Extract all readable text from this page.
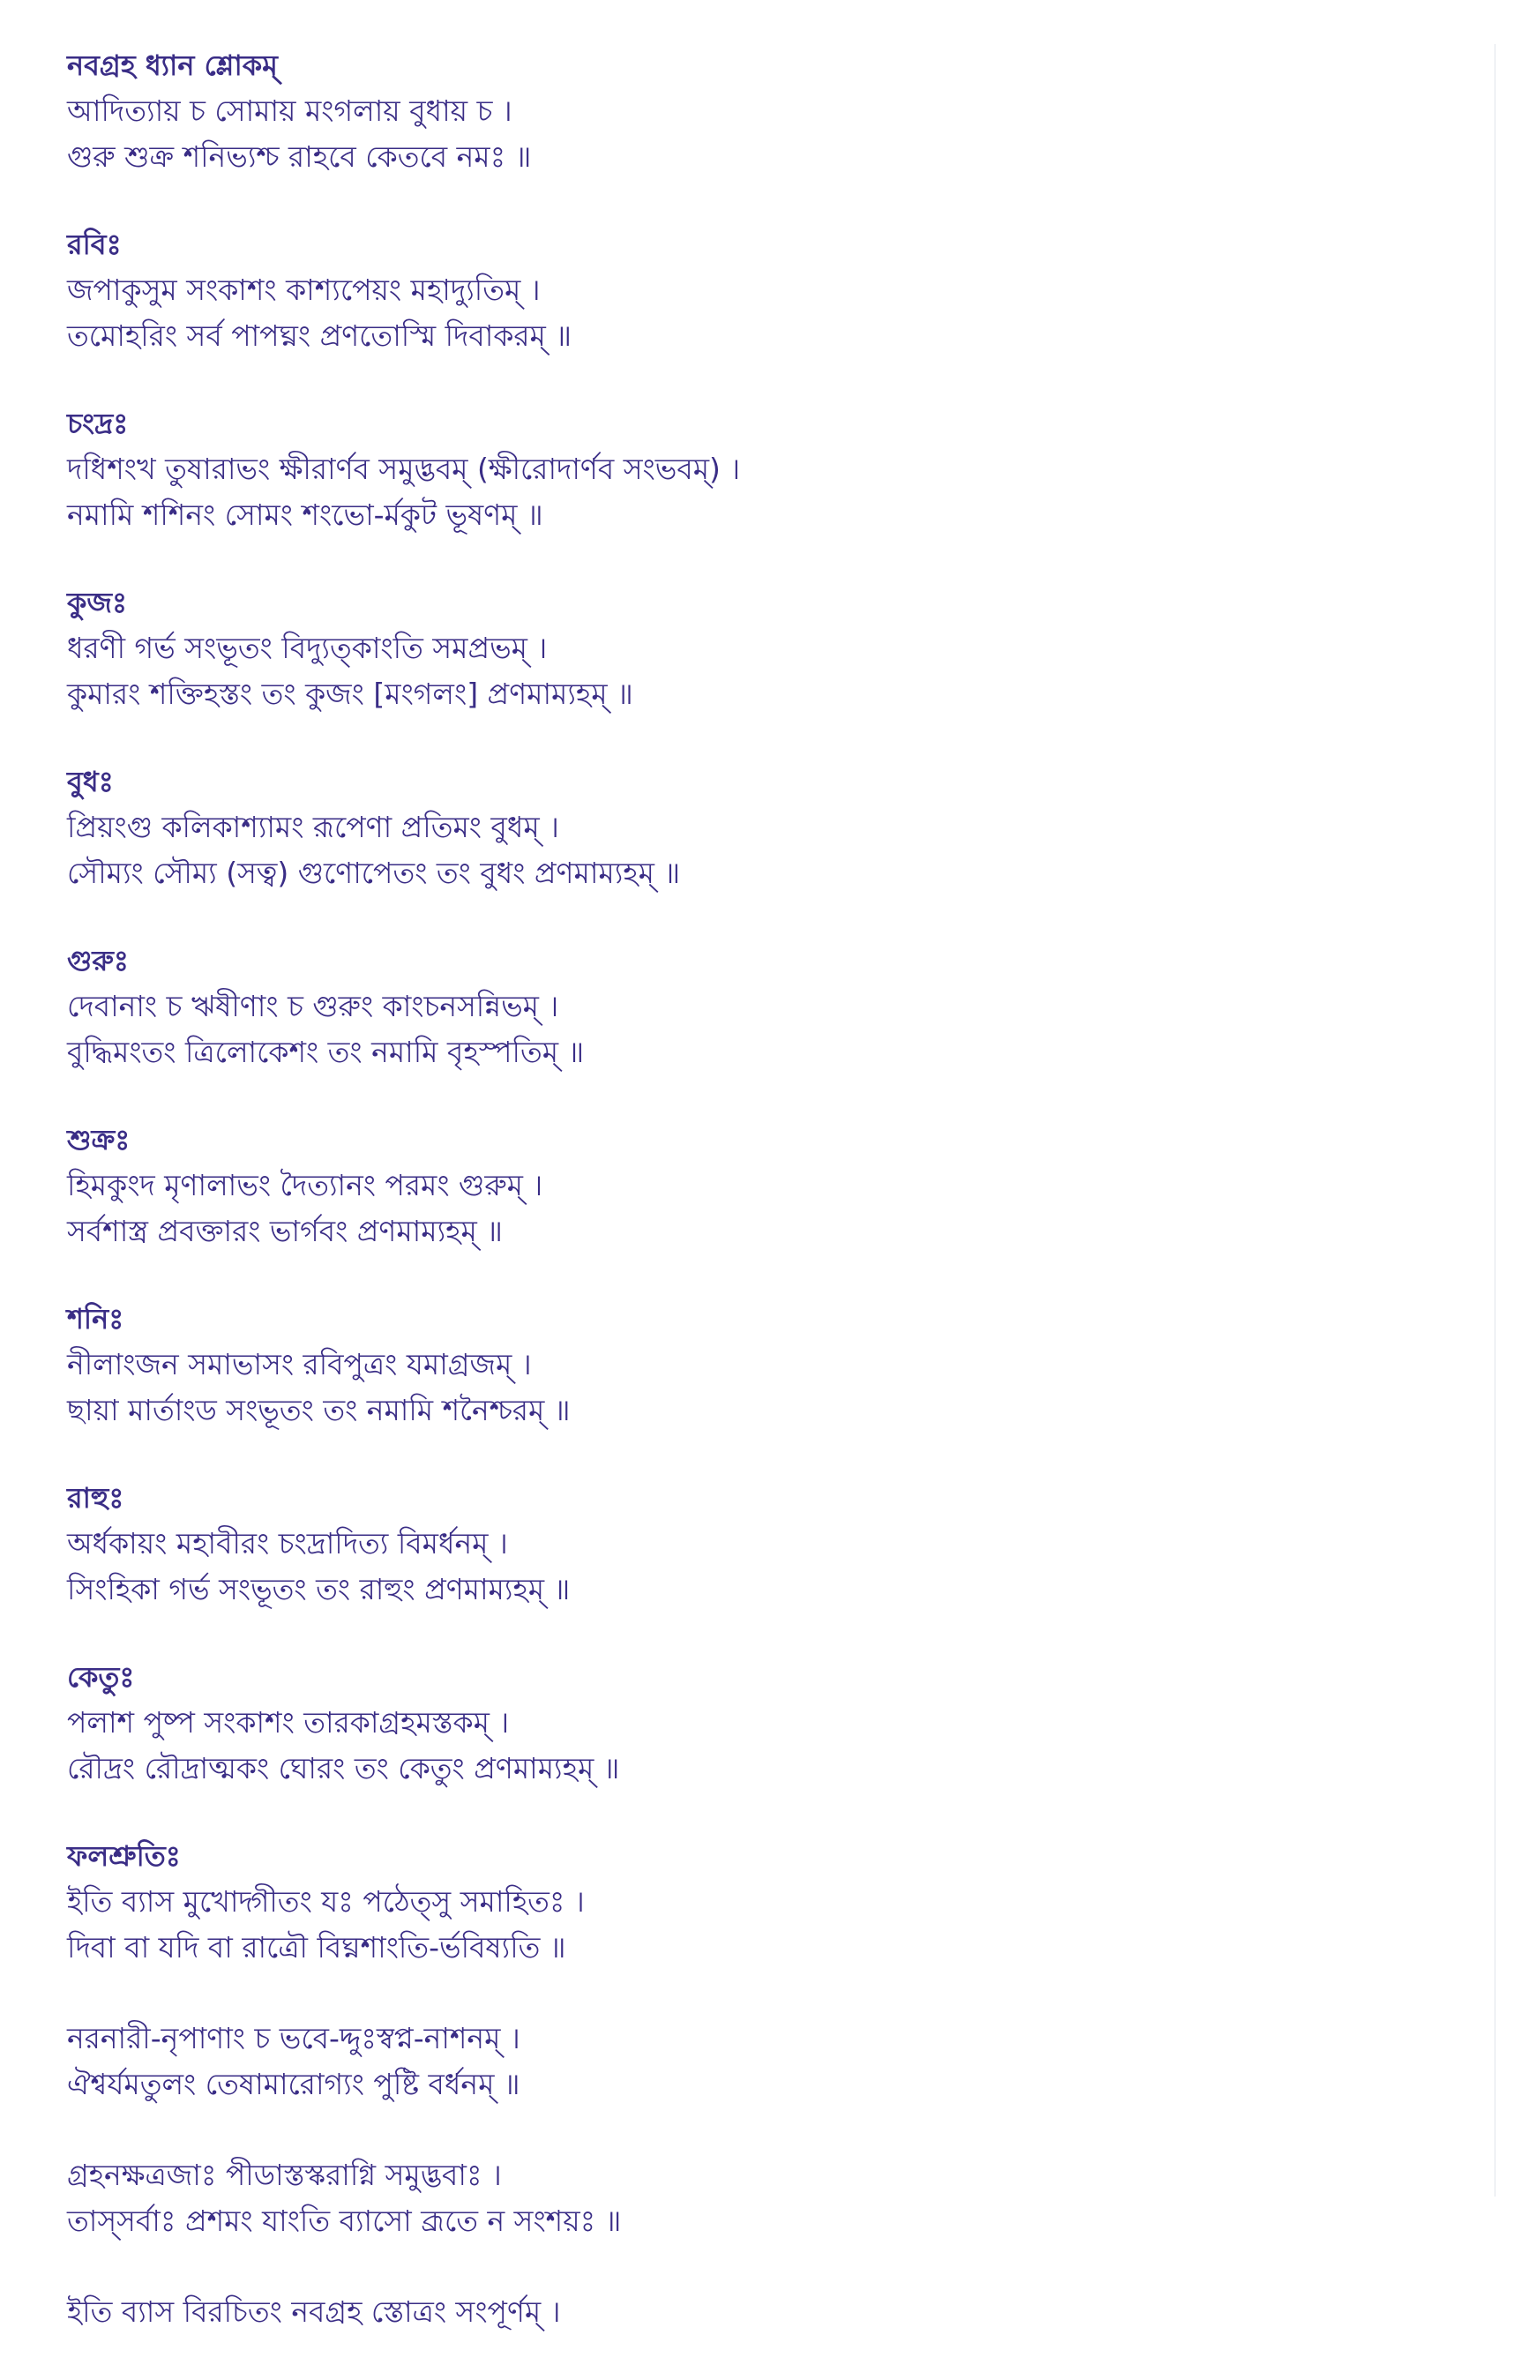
নবগ্রহ ধ্যান শ্লোকম্
আদিত্যায় চ সোমায় মংগলায় বুধায় চ ।
গুরু শুক্র শনিভ্যশ্চ রাহবে কেতবে নমঃ ॥
রবিঃ
জপাকুসুম সংকাশং কাশ্যপেয়ং মহাদ্যুতিম্ ।
তমোহরিং সর্ব পাপঘ্নং প্রণতোস্মি দিবাকরম্ ॥
চংদ্রঃ
দধিশংখ তুষারাভং ক্ষীরার্ণব সমুদ্ভবম্ (ক্ষীরোদার্ণব সংভবম্) ।
নমামি শশিনং সোমং শংভো-র্মকুট ভূষণম্ ॥
কুজঃ
ধরণী গর্ভ সংভূতং বিদ্যুত্কাংতি সমপ্রভম্ ।
কুমারং শক্তিহস্তং তং কুজং [মংগলং] প্রণমাম্যহম্ ॥
বুধঃ
প্রিয়ংগু কলিকাশ্যামং রূপেণা প্রতিমং বুধম্ ।
সৌম্যং সৌম্য (সত্ব) গুণোপেতং তং বুধং প্রণমাম্যহম্ ॥
গুরুঃ
দেবানাং চ ঋষীণাং চ গুরুং কাংচনসন্নিভম্ ।
বুদ্ধিমংতং ত্রিলোকেশং তং নমামি বৃহস্পতিম্ ॥
শুক্রঃ
হিমকুংদ মৃণালাভং দৈত্যানং পরমং গুরুম্ ।
সর্বশাস্ত্র প্রবক্তারং ভার্গবং প্রণমাম্যহম্ ॥
শনিঃ
নীলাংজন সমাভাসং রবিপুত্রং যমাগ্রজম্ ।
ছায়া মার্তাংড সংভূতং তং নমামি শনৈশ্চরম্ ॥
রাহুঃ
অর্ধকায়ং মহাবীরং চংদ্রাদিত্য বিমর্ধনম্ ।
সিংহিকা গর্ভ সংভূতং তং রাহুং প্রণমাম্যহম্ ॥
কেতুঃ
পলাশ পুষ্প সংকাশং তারকাগ্রহমস্তকম্ ।
রৌদ্রং রৌদ্রাত্মকং ঘোরং তং কেতুং প্রণমাম্যহম্ ॥
ফলশ্রুতিঃ
ইতি ব্যাস মুখোদ্গীতং যঃ পঠেত্সু সমাহিতঃ ।
দিবা বা যদি বা রাত্রৌ বিঘ্নশাংতি-র্ভবিষ্যতি ॥
নরনারী-নৃপাণাং চ ভবে-দ্দুঃস্বপ্ন-নাশনম্ ।
ঐশ্বর্যমতুলং তেষামারোগ্যং পুষ্টি বর্ধনম্ ॥
গ্রহনক্ষত্রজাঃ পীডাস্তস্করাগ্নি সমুদ্ভবাঃ ।
তাস্সর্বাঃ প্রশমং যাংতি ব্যাসো ব্রূতে ন সংশয়ঃ ॥
ইতি ব্যাস বিরচিতং নবগ্রহ স্তোত্রং সংপূর্ণম্ ।
